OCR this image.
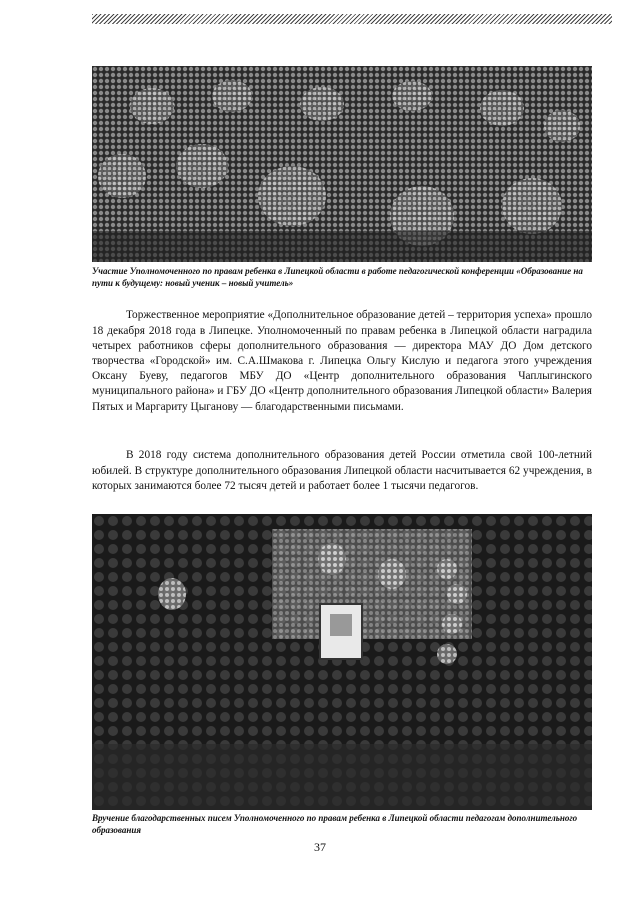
Участие Уполномоченного по правам ребенка в Липецкой области в работе педагогической конференции «Образование на пути к будущему: новый ученик – новый учитель»

Торжественное мероприятие «Дополнительное образование детей – территория успеха» прошло 18 декабря 2018 года в Липецке. Уполномоченный по правам ребенка в Липецкой области наградила четырех работников сферы дополнительного образования — директора МАУ ДО Дом детского творчества «Городской» им. С.А.Шмакова г. Липецка Ольгу Кислую и педагога этого учреждения Оксану Буеву, педагогов МБУ ДО «Центр дополнительного образования Чаплыгинского муниципального района» и ГБУ ДО «Центр дополнительного образования Липецкой области» Валерия Пятых и Маргариту Цыганову — благодарственными письмами.

В 2018 году система дополнительного образования детей России отметила свой 100-летний юбилей. В структуре дополнительного образования Липецкой области насчитывается 62 учреждения, в которых занимаются более 72 тысяч детей и работает более 1 тысячи педагогов.

Вручение благодарственных писем Уполномоченного по правам ребенка в Липецкой области педагогам дополнительного образования
37
